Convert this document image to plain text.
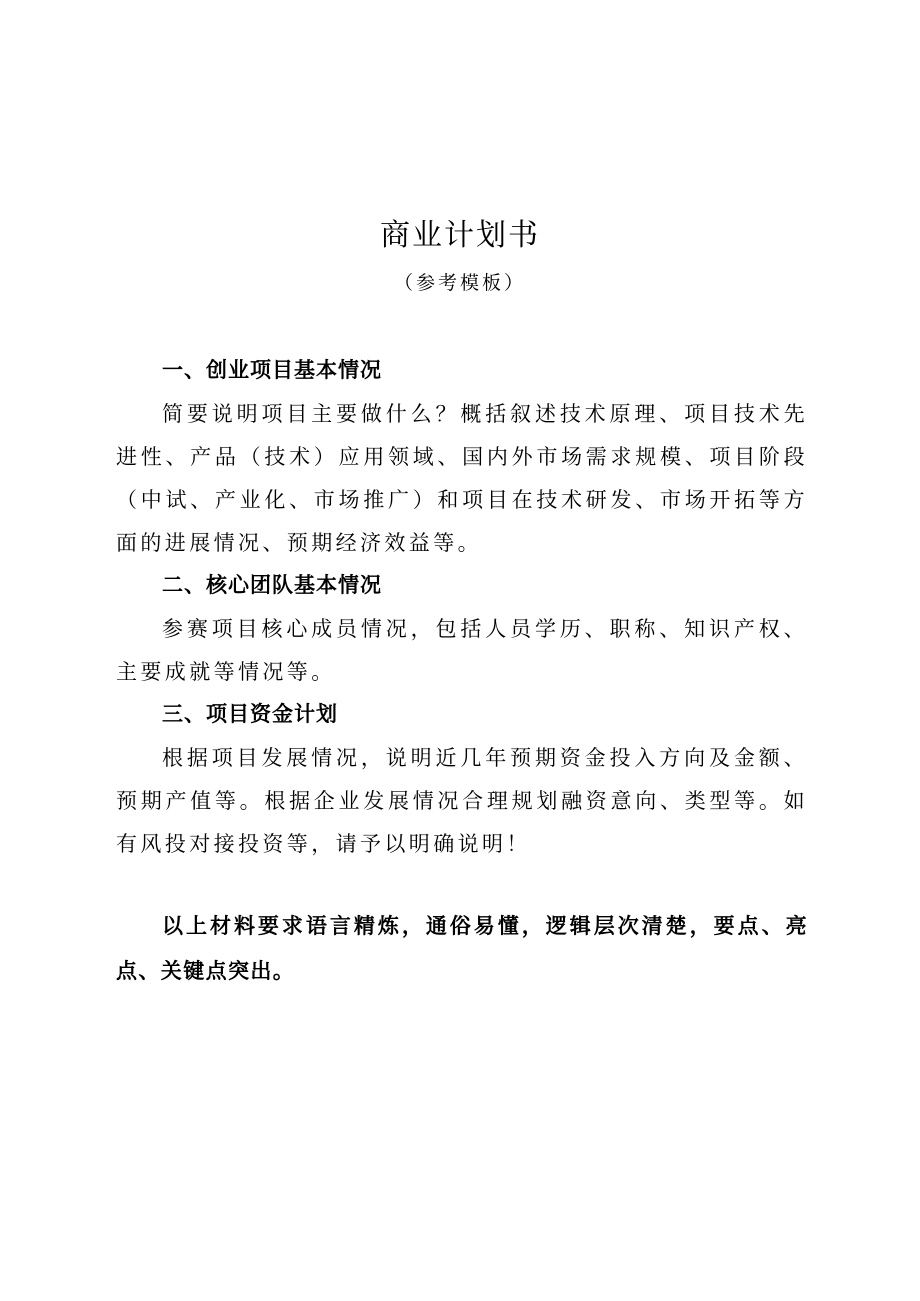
商业计划书
（参考模板）
一、创业项目基本情况

简要说明项目主要做什么？概括叙述技术原理、项目技术先进性、产品（技术）应用领域、国内外市场需求规模、项目阶段（中试、产业化、市场推广）和项目在技术研发、市场开拓等方面的进展情况、预期经济效益等。

二、核心团队基本情况

参赛项目核心成员情况，包括人员学历、职称、知识产权、主要成就等情况等。

三、项目资金计划

根据项目发展情况，说明近几年预期资金投入方向及金额、预期产值等。根据企业发展情况合理规划融资意向、类型等。如有风投对接投资等，请予以明确说明！

以上材料要求语言精炼，通俗易懂，逻辑层次清楚，要点、亮点、关键点突出。
